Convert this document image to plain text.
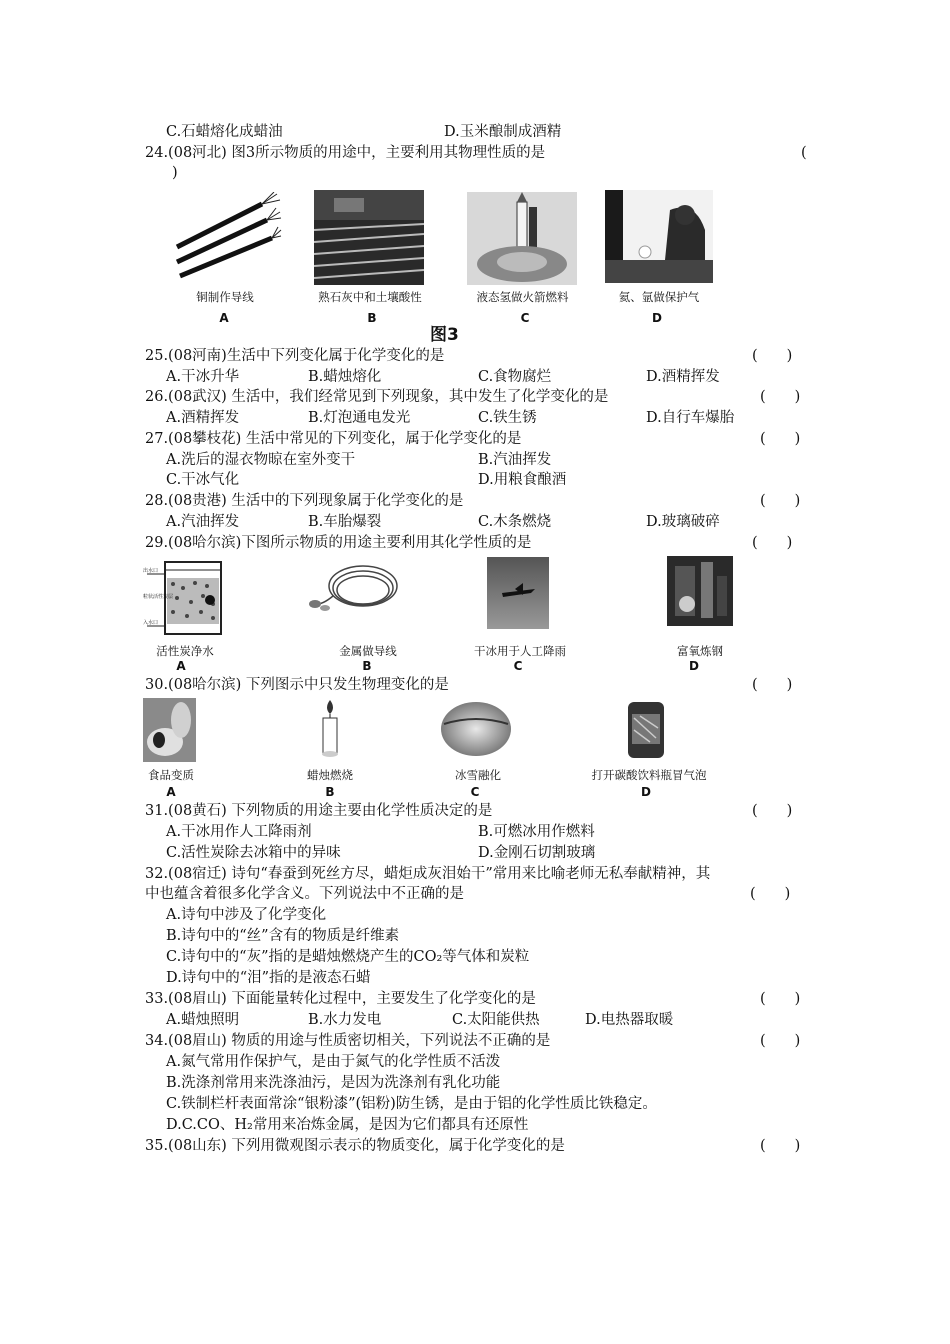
C.石蜡熔化成蜡油	D.玉米酿制成酒精
24.(08河北) 图3所示物质的用途中，主要利用其物理性质的是	(
)
铜制作导线	熟石灰中和土壤酸性	液态氢做火箭燃料	氦、氩做保护气
A	B	C	D
图3
25.(08河南)生活中下列变化属于化学变化的是	(　　)
A.干冰升华	B.蜡烛熔化	C.食物腐烂	D.酒精挥发
26.(08武汉) 生活中，我们经常见到下列现象，其中发生了化学变化的是	(　　)
A.酒精挥发	B.灯泡通电发光	C.铁生锈	D.自行车爆胎
27.(08攀枝花) 生活中常见的下列变化，属于化学变化的是	(　　)
A.洗后的湿衣物晾在室外变干	B.汽油挥发
C.干冰气化	D.用粮食酿酒
28.(08贵港) 生活中的下列现象属于化学变化的是	(　　)
A.汽油挥发	B.车胎爆裂	C.木条燃烧	D.玻璃破碎
29.(08哈尔滨)下图所示物质的用途主要利用其化学性质的是	(　　)
出水口
粒状活性炭层
入水口
活性炭净水	金属做导线	干冰用于人工降雨	富氧炼钢
A	B	C	D
30.(08哈尔滨) 下列图示中只发生物理变化的是	(　　)
食品变质	蜡烛燃烧	冰雪融化	打开碳酸饮料瓶冒气泡
A	B	C	D
31.(08黄石) 下列物质的用途主要由化学性质决定的是	(　　)
A.干冰用作人工降雨剂	B.可燃冰用作燃料
C.活性炭除去冰箱中的异味	D.金刚石切割玻璃
32.(08宿迁) 诗句“春蚕到死丝方尽，蜡炬成灰泪始干”常用来比喻老师无私奉献精神，其
中也蕴含着很多化学含义。下列说法中不正确的是	(　　)
A.诗句中涉及了化学变化
B.诗句中的“丝”含有的物质是纤维素
C.诗句中的“灰”指的是蜡烛燃烧产生的CO₂等气体和炭粒
D.诗句中的“泪”指的是液态石蜡
33.(08眉山) 下面能量转化过程中，主要发生了化学变化的是	(　　)
A.蜡烛照明	B.水力发电	C.太阳能供热	D.电热器取暖
34.(08眉山) 物质的用途与性质密切相关，下列说法不正确的是	(　　)
A.氮气常用作保护气，是由于氮气的化学性质不活泼
B.洗涤剂常用来洗涤油污，是因为洗涤剂有乳化功能
C.铁制栏杆表面常涂“银粉漆”(铝粉)防生锈，是由于铝的化学性质比铁稳定。
D.C.CO、H₂常用来冶炼金属，是因为它们都具有还原性
35.(08山东) 下列用微观图示表示的物质变化，属于化学变化的是	(　　)
